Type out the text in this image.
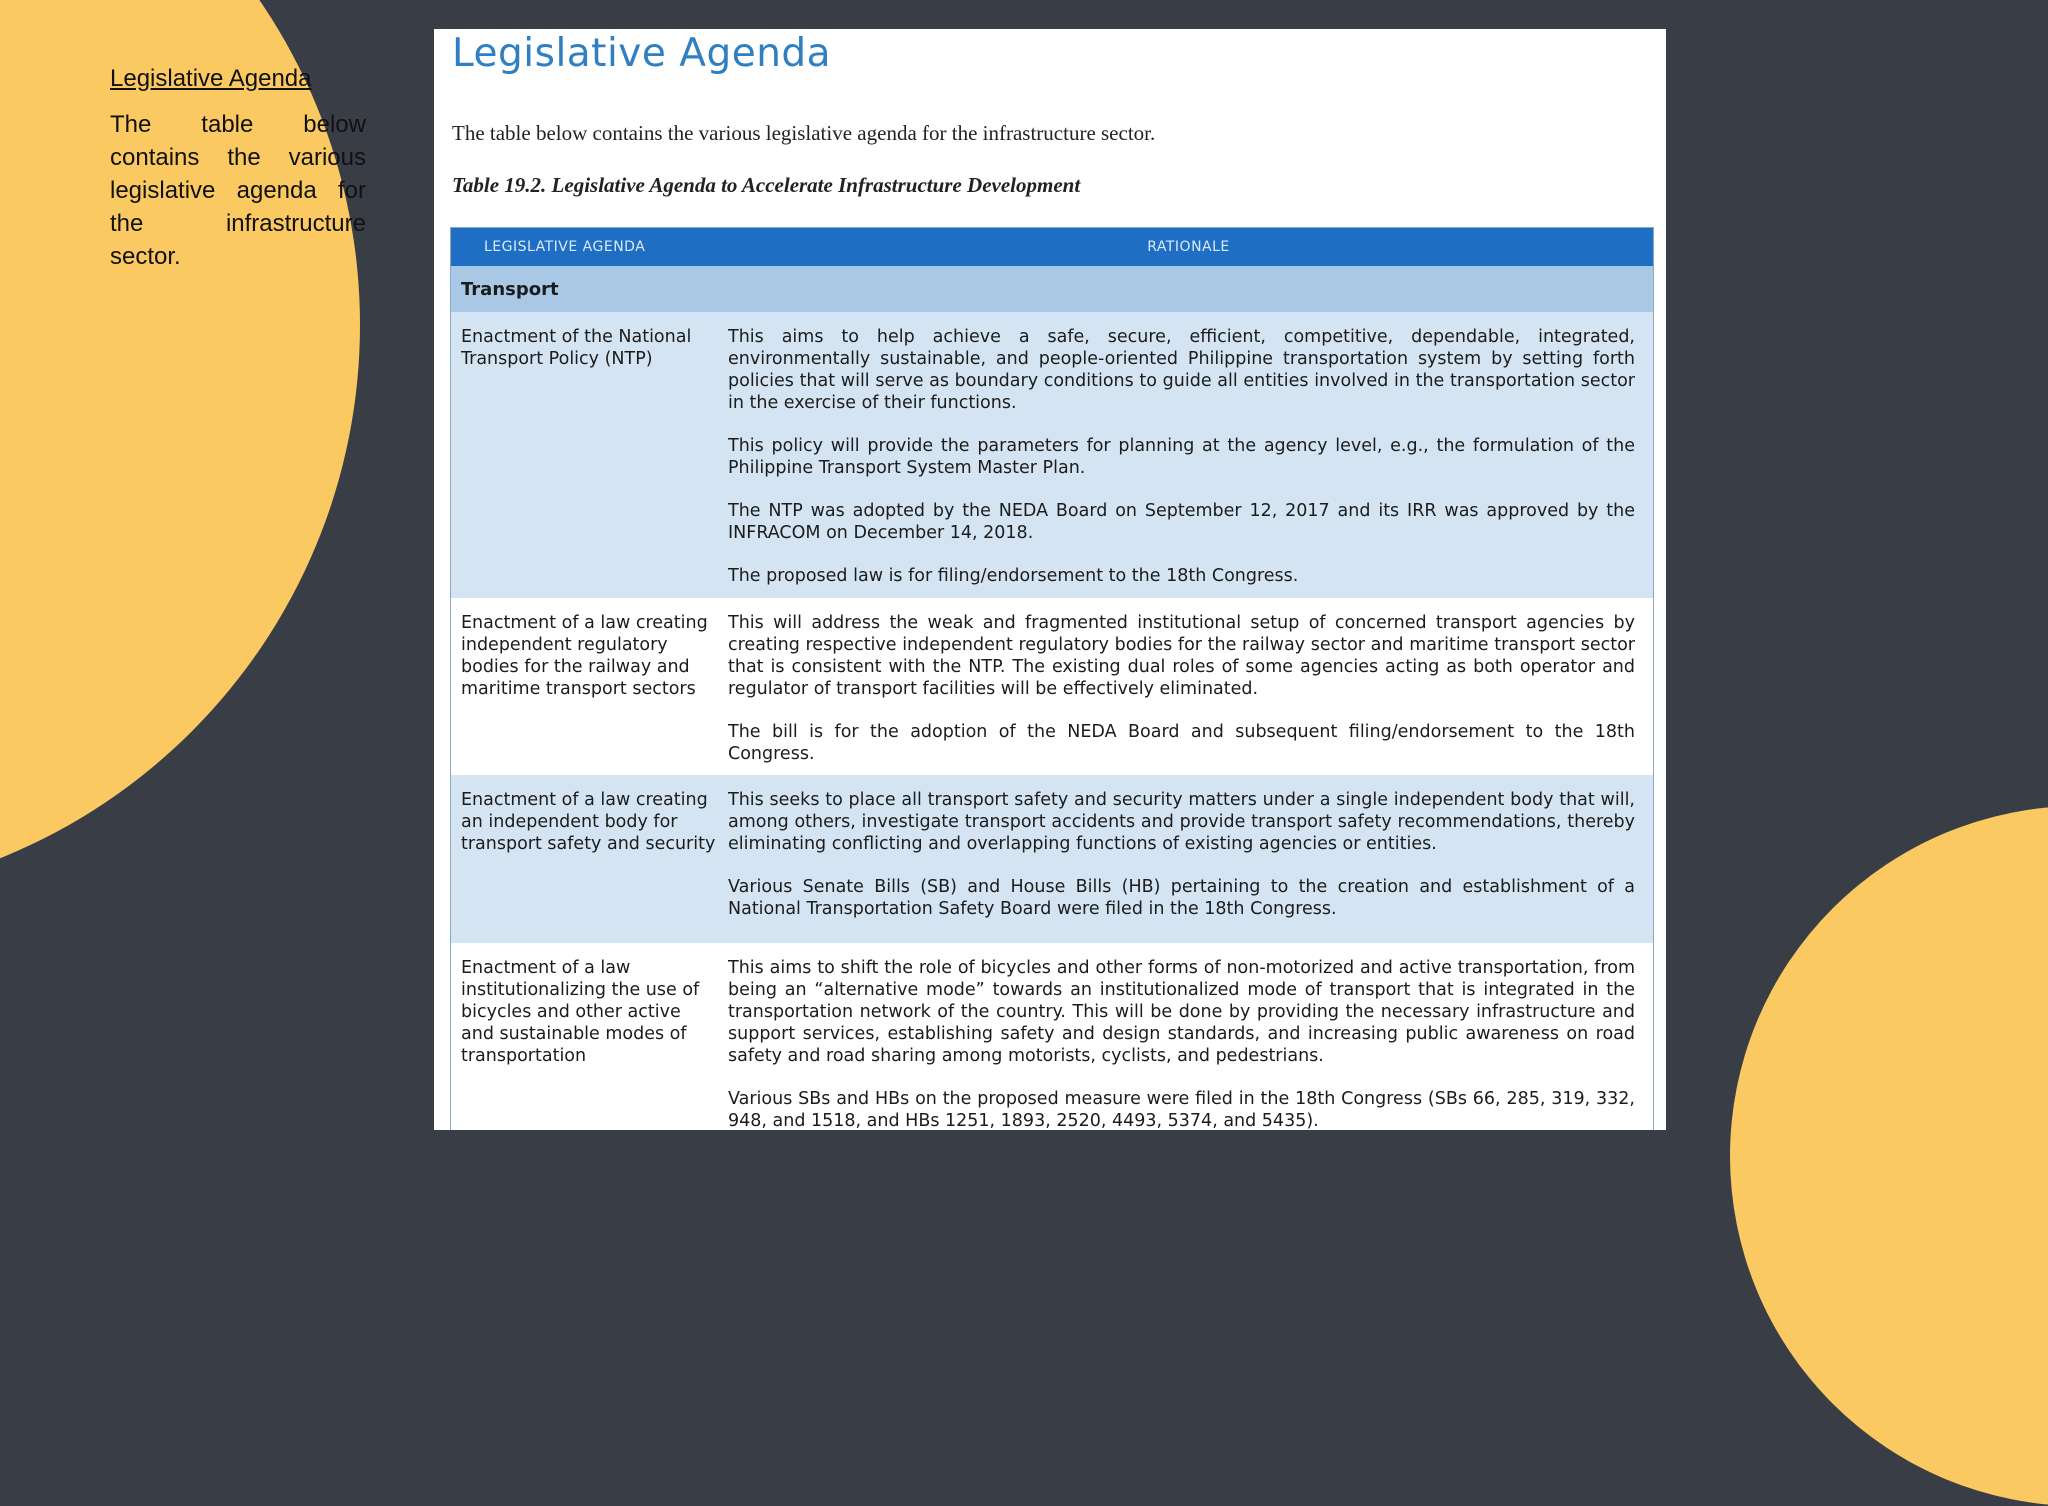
Legislative Agenda

The table below contains the various legislative agenda for the infrastructure sector.

Legislative Agenda

The table below contains the various legislative agenda for the infrastructure sector.

Table 19.2. Legislative Agenda to Accelerate Infrastructure Development

LEGISLATIVE AGENDA	RATIONALE
Transport	
Enactment of the National Transport Policy (NTP)	This aims to help achieve a safe, secure, efficient, competitive, dependable, integrated, environmentally sustainable, and people-oriented Philippine transportation system by setting forth policies that will serve as boundary conditions to guide all entities involved in the transportation sector in the exercise of their functions.

This policy will provide the parameters for planning at the agency level, e.g., the formulation of the Philippine Transport System Master Plan.

The NTP was adopted by the NEDA Board on September 12, 2017 and its IRR was approved by the INFRACOM on December 14, 2018.

The proposed law is for filing/endorsement to the 18th Congress.

Enactment of a law creating independent regulatory bodies for the railway and maritime transport sectors	This will address the weak and fragmented institutional setup of concerned transport agencies by creating respective independent regulatory bodies for the railway sector and maritime transport sector that is consistent with the NTP. The existing dual roles of some agencies acting as both operator and regulator of transport facilities will be effectively eliminated.

The bill is for the adoption of the NEDA Board and subsequent filing/endorsement to the 18th Congress.

Enactment of a law creating an independent body for transport safety and security	This seeks to place all transport safety and security matters under a single independent body that will, among others, investigate transport accidents and provide transport safety recommendations, thereby eliminating conflicting and overlapping functions of existing agencies or entities.

Various Senate Bills (SB) and House Bills (HB) pertaining to the creation and establishment of a National Transportation Safety Board were filed in the 18th Congress.

Enactment of a law institutionalizing the use of bicycles and other active and sustainable modes of transportation	This aims to shift the role of bicycles and other forms of non-motorized and active transportation, from being an “alternative mode” towards an institutionalized mode of transport that is integrated in the transportation network of the country. This will be done by providing the necessary infrastructure and support services, establishing safety and design standards, and increasing public awareness on road safety and road sharing among motorists, cyclists, and pedestrians.

Various SBs and HBs on the proposed measure were filed in the 18th Congress (SBs 66, 285, 319, 332, 948, and 1518, and HBs 1251, 1893, 2520, 4493, 5374, and 5435).
